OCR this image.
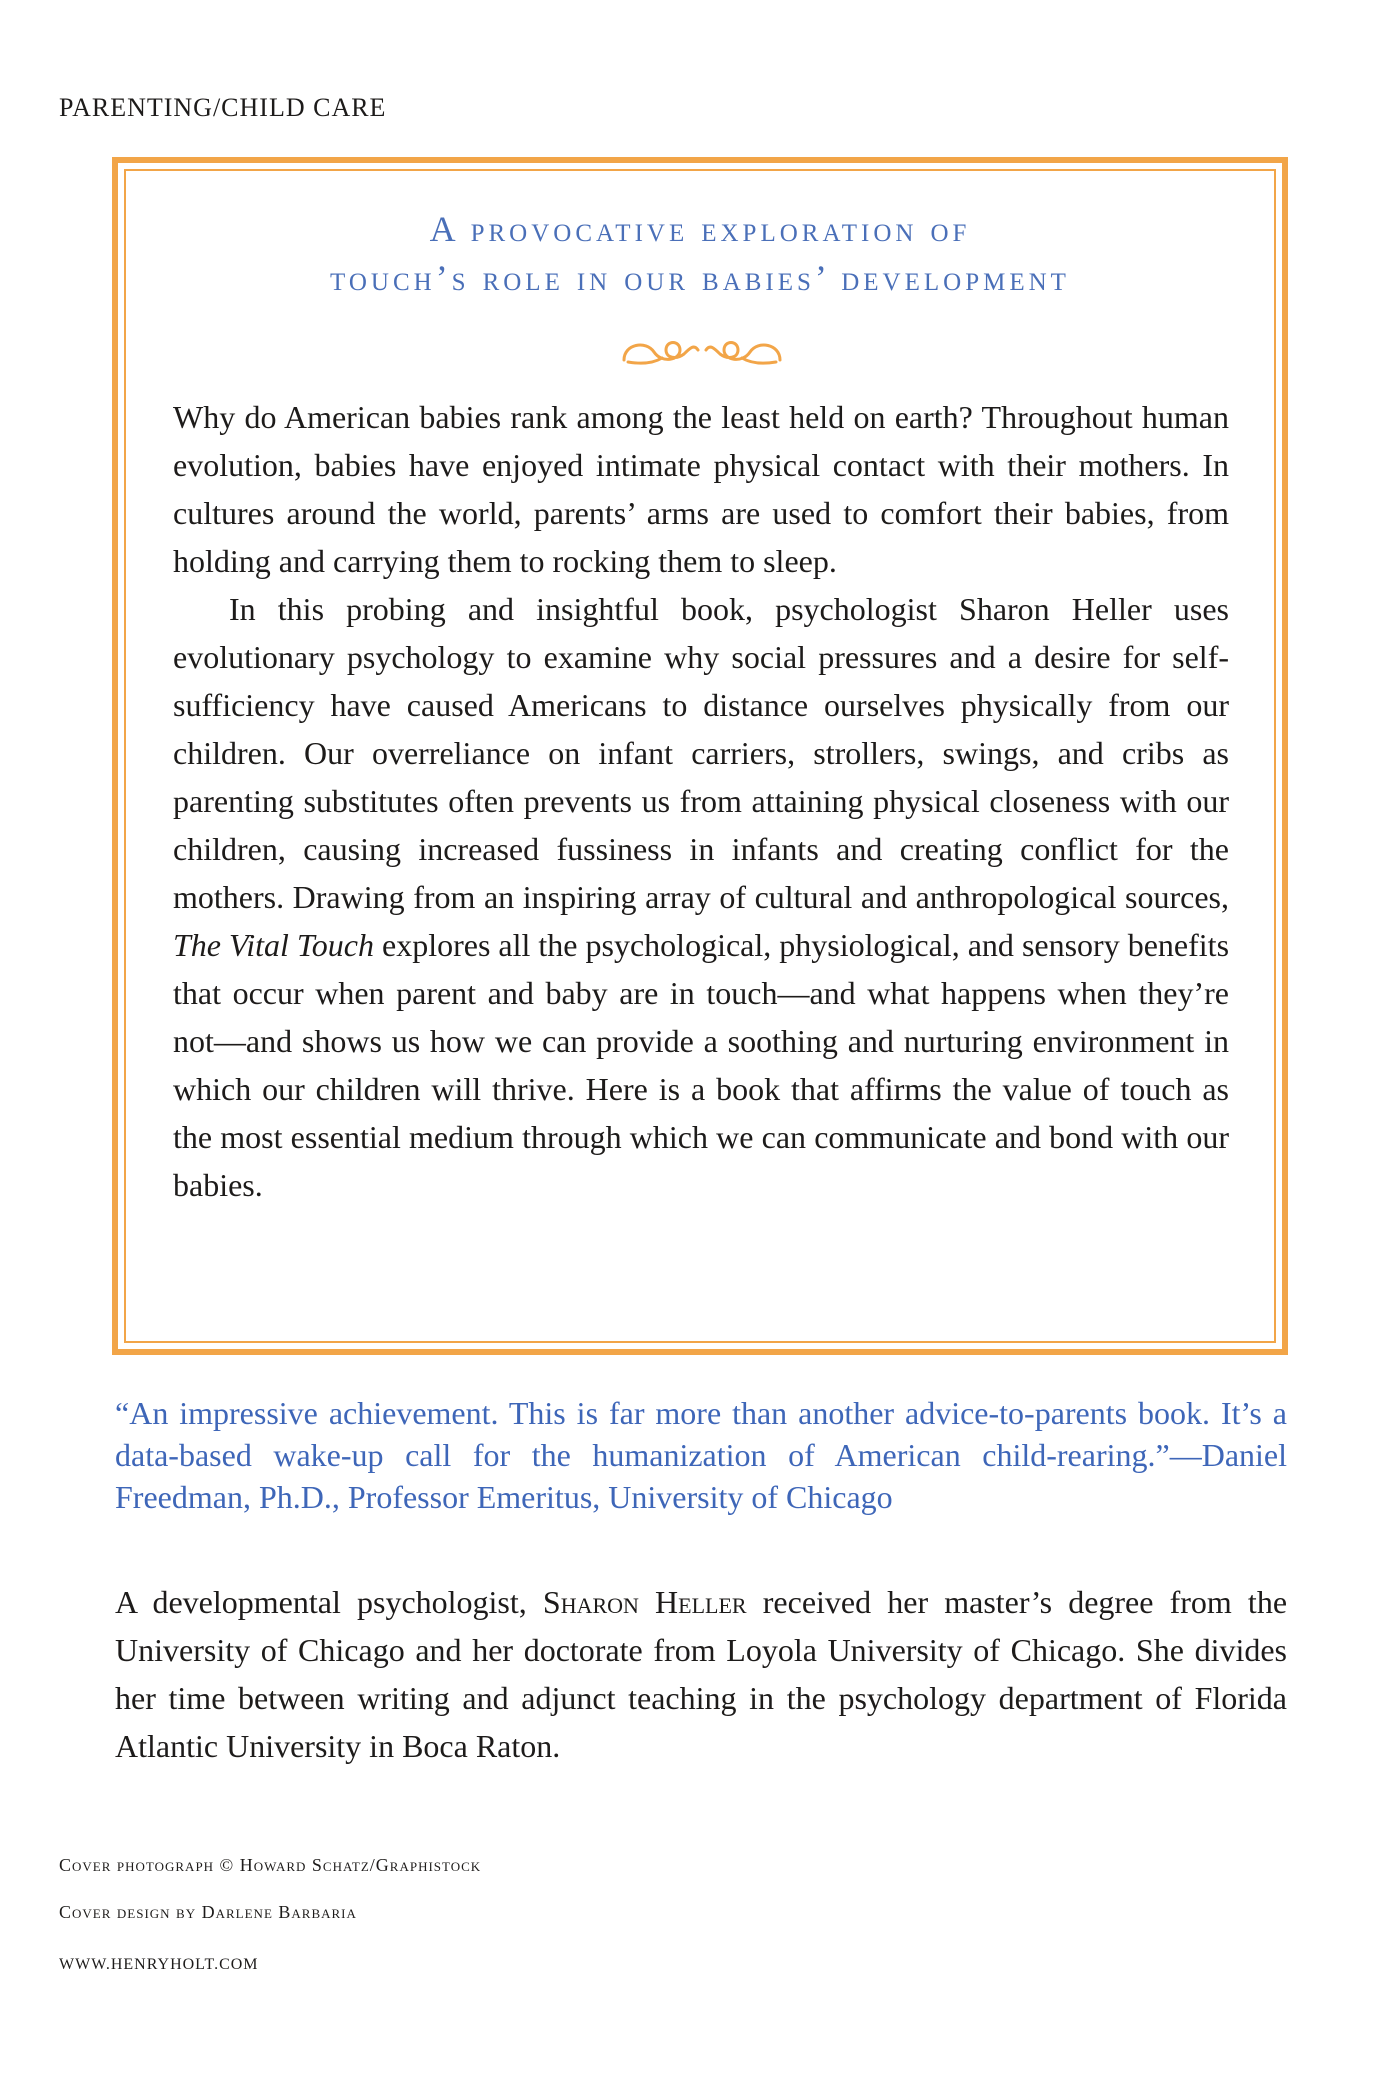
PARENTING/CHILD CARE
A provocative exploration of
touch’s role in our babies’ development

Why do American babies rank among the least held on earth? Throughout human evolution, babies have enjoyed intimate physical contact with their mothers. In cultures around the world, parents’ arms are used to comfort their babies, from holding and carrying them to rocking them to sleep.

In this probing and insightful book, psychologist Sharon Heller uses evolutionary psychology to examine why social pressures and a desire for self-sufficiency have caused Americans to distance ourselves physically from our children. Our overreliance on infant carriers, strollers, swings, and cribs as parenting substitutes often prevents us from attaining physical closeness with our children, causing increased fussiness in infants and creating conflict for the mothers. Drawing from an inspiring array of cultural and anthropological sources, The Vital Touch explores all the psychological, physiological, and sensory benefits that occur when parent and baby are in touch—and what happens when they’re not—and shows us how we can provide a soothing and nurturing environment in which our children will thrive. Here is a book that affirms the value of touch as the most essential medium through which we can communicate and bond with our babies.

“An impressive achievement. This is far more than another advice-to-parents book. It’s a data-based wake-up call for the humanization of American child-rearing.”—Daniel Freedman, Ph.D., Professor Emeritus, University of Chicago
A developmental psychologist, Sharon Heller received her master’s degree from the University of Chicago and her doctorate from Loyola University of Chicago. She divides her time between writing and adjunct teaching in the psychology department of Florida Atlantic University in Boca Raton.
Cover photograph © Howard Schatz/Graphistock
Cover design by Darlene Barbaria
WWW.HENRYHOLT.COM
